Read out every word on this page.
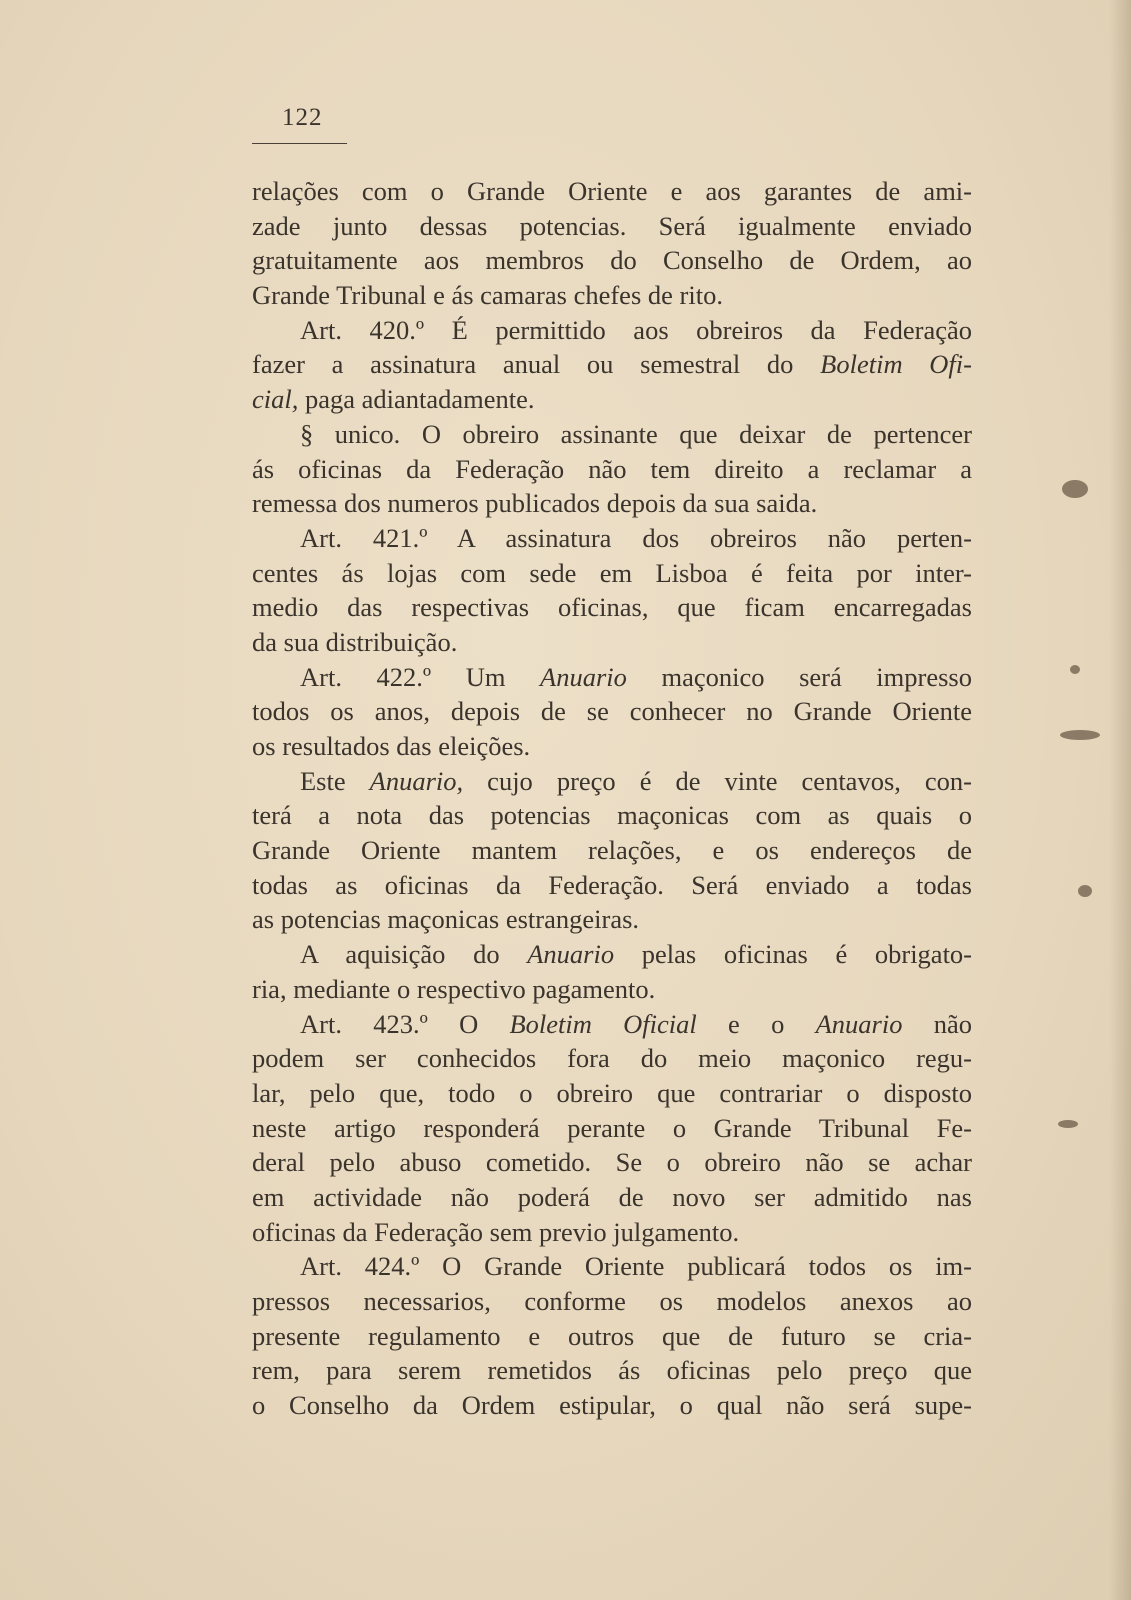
122
relações com o Grande Oriente e aos garantes de ami-
zade junto dessas potencias. Será igualmente enviado
gratuitamente aos membros do Conselho de Ordem, ao
Grande Tribunal e ás camaras chefes de rito.
Art. 420.º É permittido aos obreiros da Federação
fazer a assinatura anual ou semestral do Boletim Ofi-
cial, paga adiantadamente.
§ unico. O obreiro assinante que deixar de pertencer
ás oficinas da Federação não tem direito a reclamar a
remessa dos numeros publicados depois da sua saida.
Art. 421.º A assinatura dos obreiros não perten-
centes ás lojas com sede em Lisboa é feita por inter-
medio das respectivas oficinas, que ficam encarregadas
da sua distribuição.
Art. 422.º Um Anuario maçonico será impresso
todos os anos, depois de se conhecer no Grande Oriente
os resultados das eleições.
Este Anuario, cujo preço é de vinte centavos, con-
terá a nota das potencias maçonicas com as quais o
Grande Oriente mantem relações, e os endereços de
todas as oficinas da Federação. Será enviado a todas
as potencias maçonicas estrangeiras.
A aquisição do Anuario pelas oficinas é obrigato-
ria, mediante o respectivo pagamento.
Art. 423.º O Boletim Oficial e o Anuario não
podem ser conhecidos fora do meio maçonico regu-
lar, pelo que, todo o obreiro que contrariar o disposto
neste artigo responderá perante o Grande Tribunal Fe-
deral pelo abuso cometido. Se o obreiro não se achar
em actividade não poderá de novo ser admitido nas
oficinas da Federação sem previo julgamento.
Art. 424.º O Grande Oriente publicará todos os im-
pressos necessarios, conforme os modelos anexos ao
presente regulamento e outros que de futuro se cria-
rem, para serem remetidos ás oficinas pelo preço que
o Conselho da Ordem estipular, o qual não será supe-
